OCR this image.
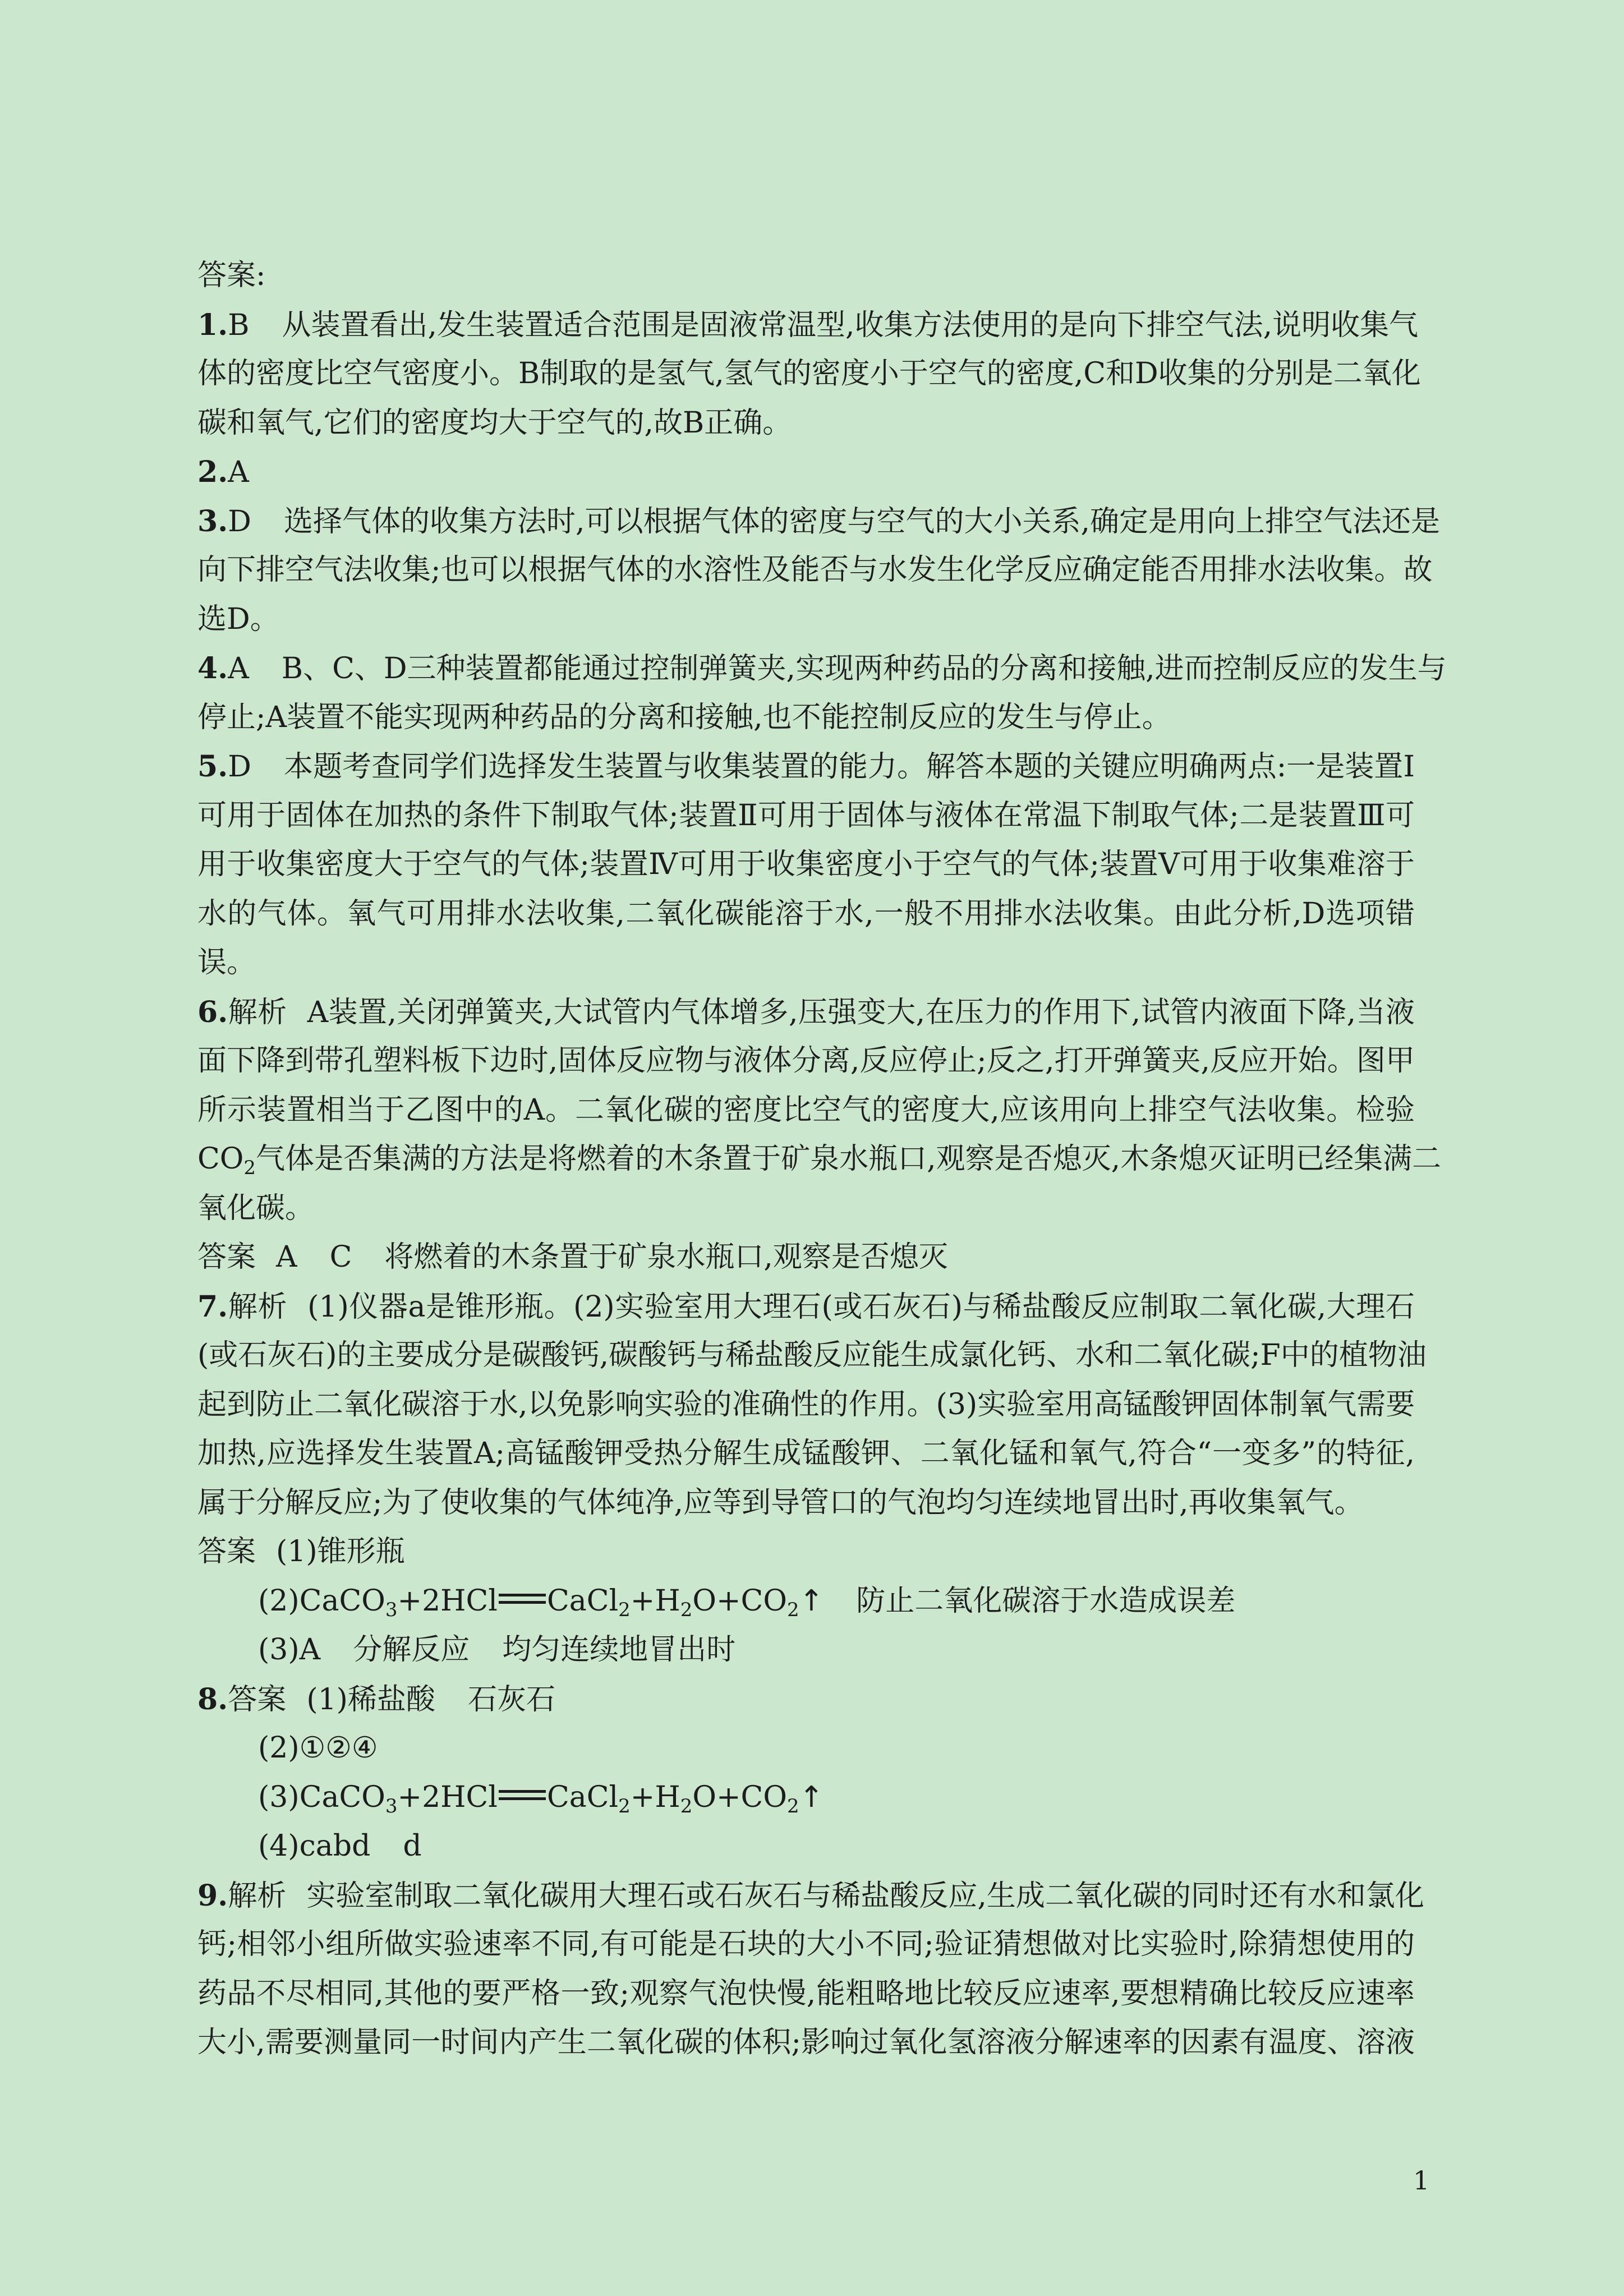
答案:
1.B 从装置看出,发生装置适合范围是固液常温型,收集方法使用的是向下排空气法,说明收集气
体的密度比空气密度小。B制取的是氢气,氢气的密度小于空气的密度,C和D收集的分别是二氧化
碳和氧气,它们的密度均大于空气的,故B正确。
2.A
3.D 选择气体的收集方法时,可以根据气体的密度与空气的大小关系,确定是用向上排空气法还是
向下排空气法收集;也可以根据气体的水溶性及能否与水发生化学反应确定能否用排水法收集。故
选D。
4.A B、C、D三种装置都能通过控制弹簧夹,实现两种药品的分离和接触,进而控制反应的发生与
停止;A装置不能实现两种药品的分离和接触,也不能控制反应的发生与停止。
5.D 本题考查同学们选择发生装置与收集装置的能力。解答本题的关键应明确两点:一是装置Ⅰ
可用于固体在加热的条件下制取气体;装置Ⅱ可用于固体与液体在常温下制取气体;二是装置Ⅲ可
用于收集密度大于空气的气体;装置Ⅳ可用于收集密度小于空气的气体;装置Ⅴ可用于收集难溶于
水的气体。氧气可用排水法收集,二氧化碳能溶于水,一般不用排水法收集。由此分析,D选项错
误。
6.解析 A装置,关闭弹簧夹,大试管内气体增多,压强变大,在压力的作用下,试管内液面下降,当液
面下降到带孔塑料板下边时,固体反应物与液体分离,反应停止;反之,打开弹簧夹,反应开始。图甲
所示装置相当于乙图中的A。二氧化碳的密度比空气的密度大,应该用向上排空气法收集。检验
$CO_2$气体是否集满的方法是将燃着的木条置于矿泉水瓶口,观察是否熄灭,木条熄灭证明已经集满二
氧化碳。
答案 A C 将燃着的木条置于矿泉水瓶口,观察是否熄灭
7.解析 (1)仪器a是锥形瓶。(2)实验室用大理石(或石灰石)与稀盐酸反应制取二氧化碳,大理石
(或石灰石)的主要成分是碳酸钙,碳酸钙与稀盐酸反应能生成氯化钙、水和二氧化碳;F中的植物油
起到防止二氧化碳溶于水,以免影响实验的准确性的作用。(3)实验室用高锰酸钾固体制氧气需要
加热,应选择发生装置A;高锰酸钾受热分解生成锰酸钾、二氧化锰和氧气,符合“一变多”的特征,
属于分解反应;为了使收集的气体纯净,应等到导管口的气泡均匀连续地冒出时,再收集氧气。
答案 (1)锥形瓶
(2)CaCO$_3$+2HCl $CaCl_2+H_2O+CO_2↑$ 防止二氧化碳溶于水造成误差
(3)A 分解反应 均匀连续地冒出时
8.答案 (1)稀盐酸 石灰石
(2)①②④
(3)CaCO$_3$+2HCl $CaCl_2+H_2O+CO_2↑$
(4)cabd d
9.解析 实验室制取二氧化碳用大理石或石灰石与稀盐酸反应,生成二氧化碳的同时还有水和氯化
钙;相邻小组所做实验速率不同,有可能是石块的大小不同;验证猜想做对比实验时,除猜想使用的
药品不尽相同,其他的要严格一致;观察气泡快慢,能粗略地比较反应速率,要想精确比较反应速率
大小,需要测量同一时间内产生二氧化碳的体积;影响过氧化氢溶液分解速率的因素有温度、溶液
1
